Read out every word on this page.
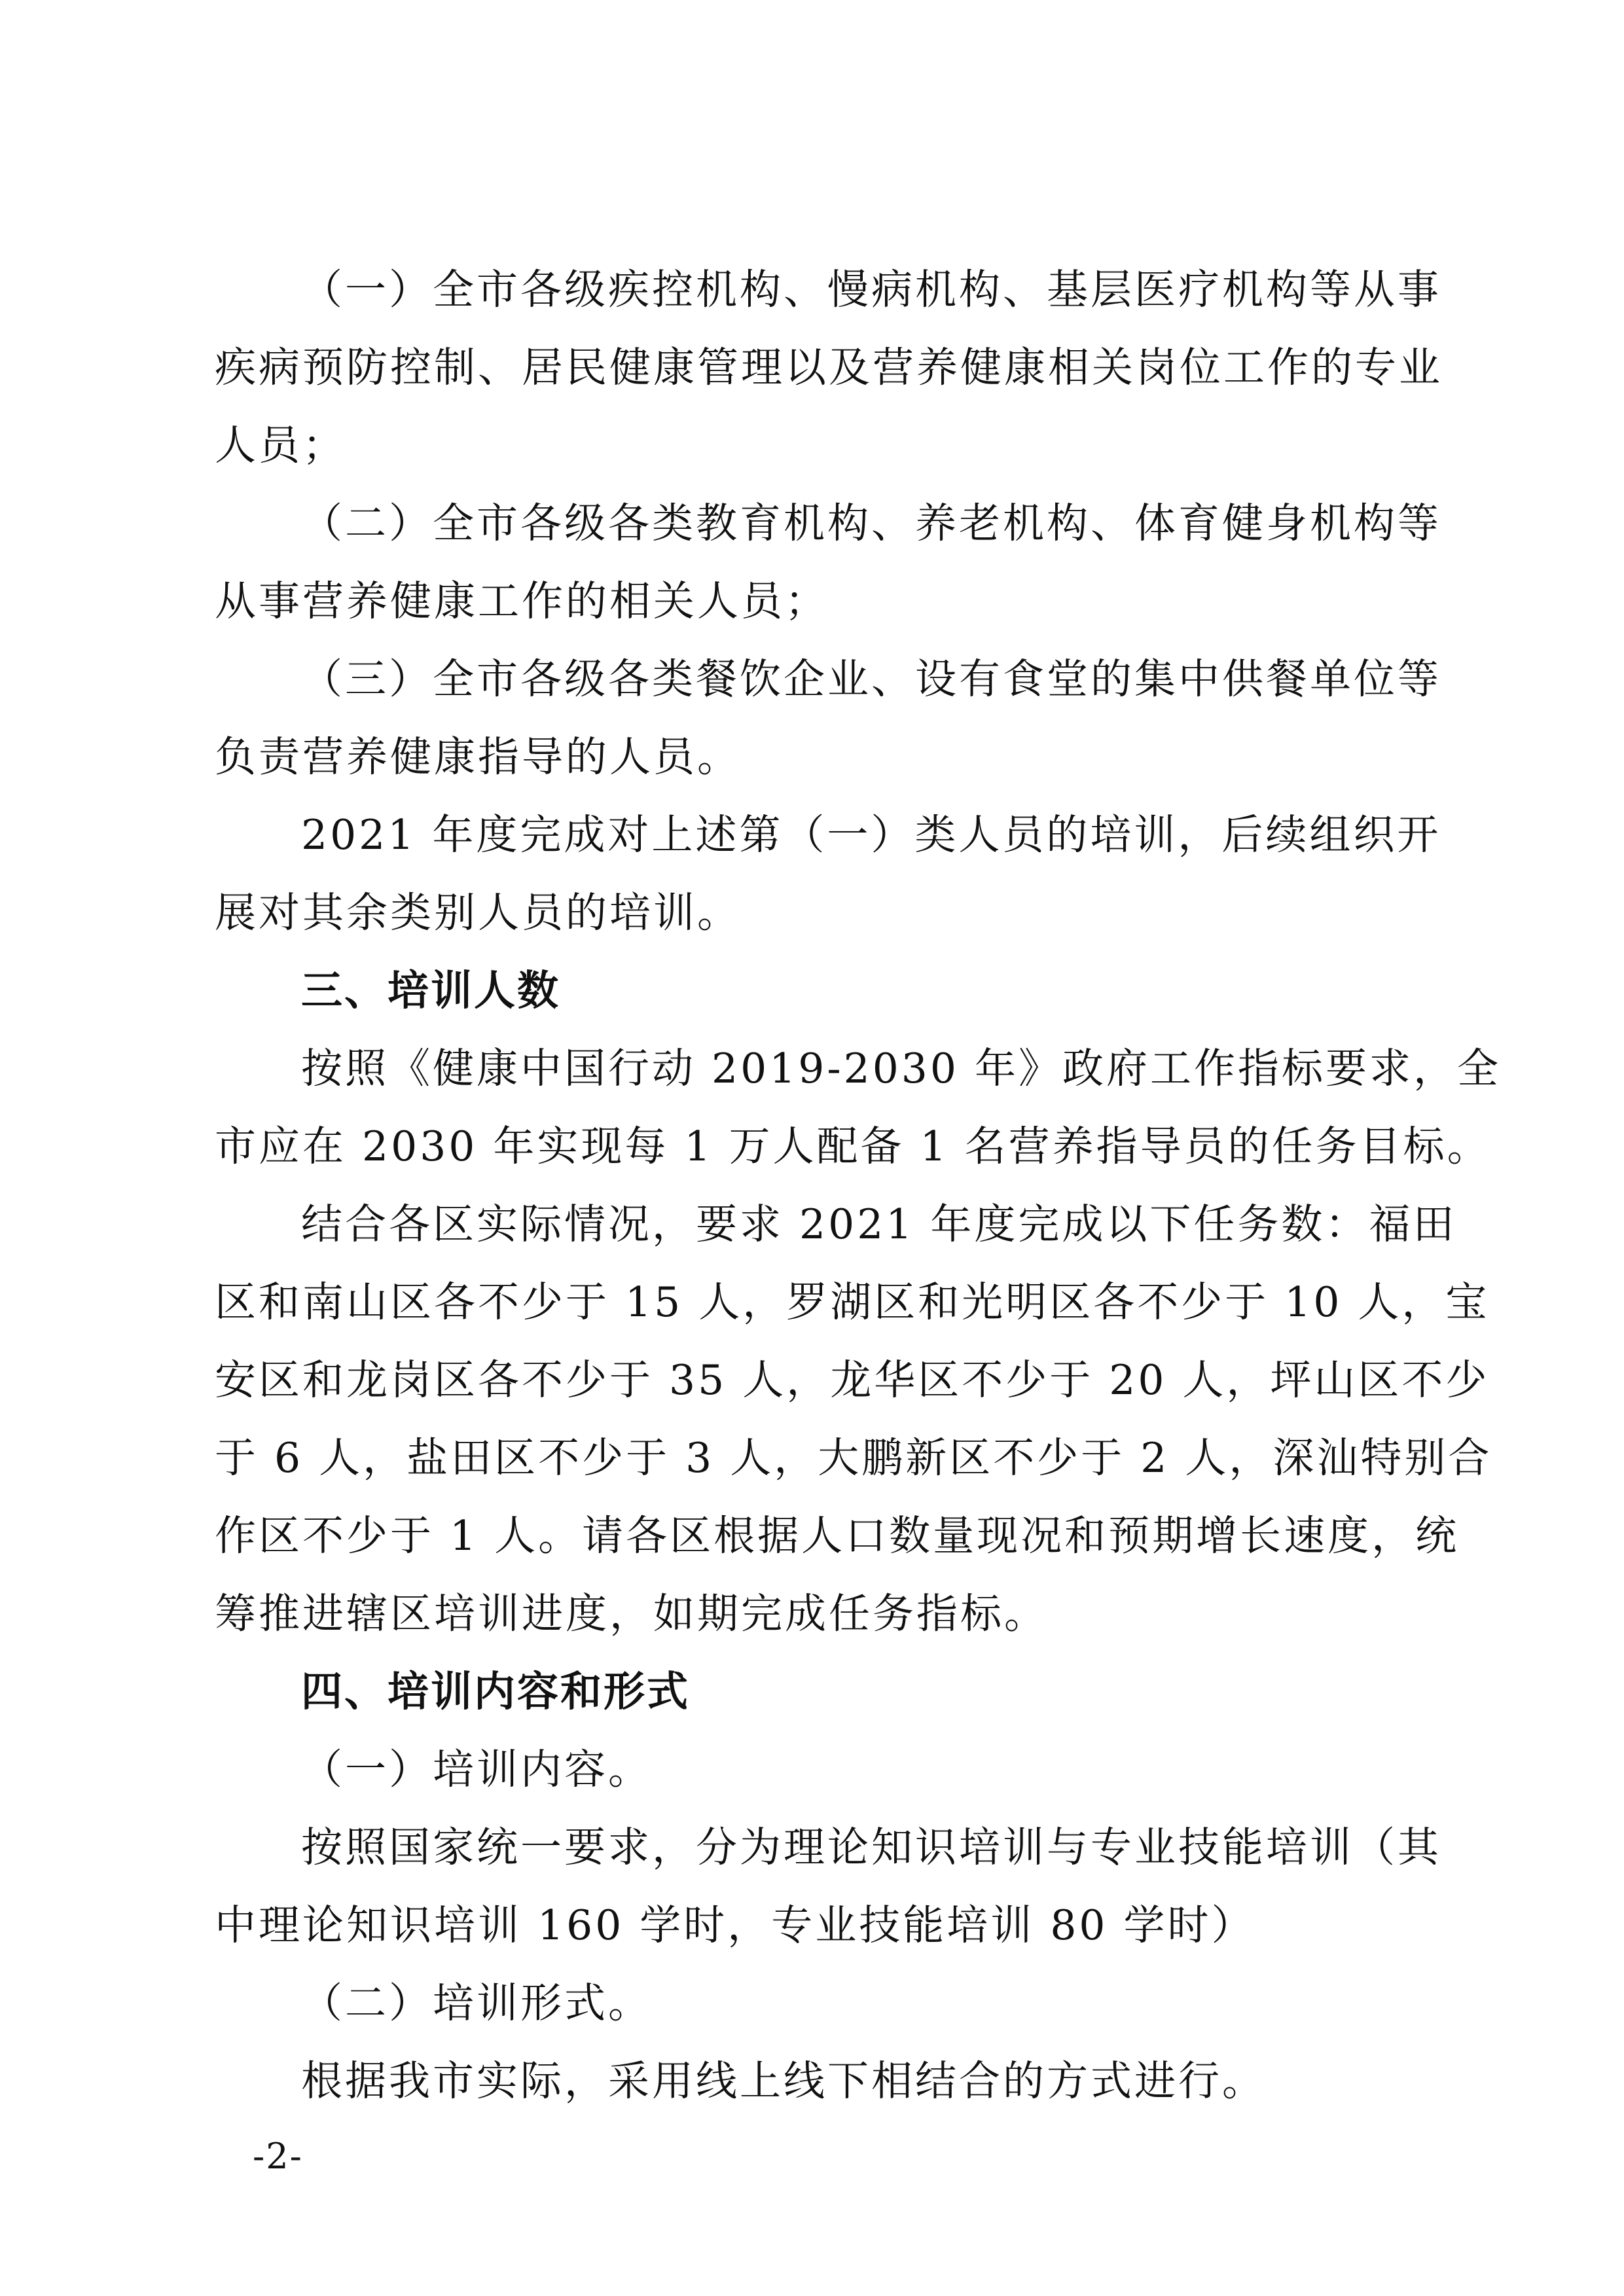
（一）全市各级疾控机构、慢病机构、基层医疗机构等从事
疾病预防控制、居民健康管理以及营养健康相关岗位工作的专业
人员；
（二）全市各级各类教育机构、养老机构、体育健身机构等
从事营养健康工作的相关人员；
（三）全市各级各类餐饮企业、设有食堂的集中供餐单位等
负责营养健康指导的人员。
2021 年度完成对上述第（一）类人员的培训，后续组织开
展对其余类别人员的培训。
三、培训人数
按照《健康中国行动 2019-2030 年》政府工作指标要求，全
市应在 2030 年实现每 1 万人配备 1 名营养指导员的任务目标。
结合各区实际情况，要求 2021 年度完成以下任务数：福田
区和南山区各不少于 15 人，罗湖区和光明区各不少于 10 人，宝
安区和龙岗区各不少于 35 人，龙华区不少于 20 人，坪山区不少
于 6 人，盐田区不少于 3 人，大鹏新区不少于 2 人，深汕特别合
作区不少于 1 人。请各区根据人口数量现况和预期增长速度，统
筹推进辖区培训进度，如期完成任务指标。
四、培训内容和形式
（一）培训内容。
按照国家统一要求，分为理论知识培训与专业技能培训（其
中理论知识培训 160 学时，专业技能培训 80 学时）
（二）培训形式。
根据我市实际，采用线上线下相结合的方式进行。
-2-
